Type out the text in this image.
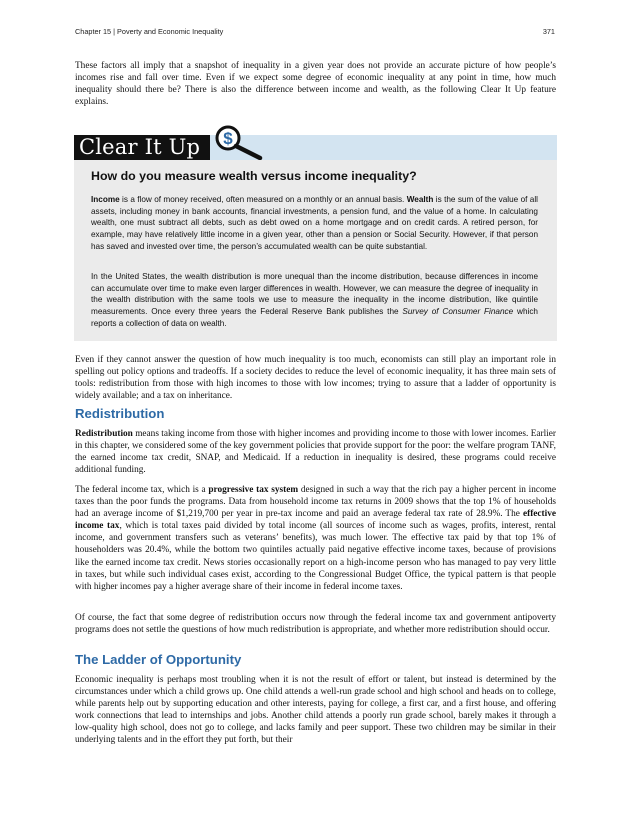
Chapter 15 | Poverty and Economic Inequality	371

These factors all imply that a snapshot of inequality in a given year does not provide an accurate picture of how people’s incomes rise and fall over time. Even if we expect some degree of economic inequality at any point in time, how much inequality should there be? There is also the difference between income and wealth, as the following Clear It Up feature explains.

Clear It Up	$

How do you measure wealth versus income inequality?

Income is a flow of money received, often measured on a monthly or an annual basis. Wealth is the sum of the value of all assets, including money in bank accounts, financial investments, a pension fund, and the value of a home. In calculating wealth, one must subtract all debts, such as debt owed on a home mortgage and on credit cards. A retired person, for example, may have relatively little income in a given year, other than a pension or Social Security. However, if that person has saved and invested over time, the person’s accumulated wealth can be quite substantial.

In the United States, the wealth distribution is more unequal than the income distribution, because differences in income can accumulate over time to make even larger differences in wealth. However, we can measure the degree of inequality in the wealth distribution with the same tools we use to measure the inequality in the income distribution, like quintile measurements. Once every three years the Federal Reserve Bank publishes the Survey of Consumer Finance which reports a collection of data on wealth.

Even if they cannot answer the question of how much inequality is too much, economists can still play an important role in spelling out policy options and tradeoffs. If a society decides to reduce the level of economic inequality, it has three main sets of tools: redistribution from those with high incomes to those with low incomes; trying to assure that a ladder of opportunity is widely available; and a tax on inheritance.

Redistribution

Redistribution means taking income from those with higher incomes and providing income to those with lower incomes. Earlier in this chapter, we considered some of the key government policies that provide support for the poor: the welfare program TANF, the earned income tax credit, SNAP, and Medicaid. If a reduction in inequality is desired, these programs could receive additional funding.

The federal income tax, which is a progressive tax system designed in such a way that the rich pay a higher percent in income taxes than the poor funds the programs. Data from household income tax returns in 2009 shows that the top 1% of households had an average income of $1,219,700 per year in pre-tax income and paid an average federal tax rate of 28.9%. The effective income tax, which is total taxes paid divided by total income (all sources of income such as wages, profits, interest, rental income, and government transfers such as veterans’ benefits), was much lower. The effective tax paid by that top 1% of householders was 20.4%, while the bottom two quintiles actually paid negative effective income taxes, because of provisions like the earned income tax credit. News stories occasionally report on a high-income person who has managed to pay very little in taxes, but while such individual cases exist, according to the Congressional Budget Office, the typical pattern is that people with higher incomes pay a higher average share of their income in federal income taxes.

Of course, the fact that some degree of redistribution occurs now through the federal income tax and government antipoverty programs does not settle the questions of how much redistribution is appropriate, and whether more redistribution should occur.

The Ladder of Opportunity

Economic inequality is perhaps most troubling when it is not the result of effort or talent, but instead is determined by the circumstances under which a child grows up. One child attends a well-run grade school and high school and heads on to college, while parents help out by supporting education and other interests, paying for college, a first car, and a first house, and offering work connections that lead to internships and jobs. Another child attends a poorly run grade school, barely makes it through a low-quality high school, does not go to college, and lacks family and peer support. These two children may be similar in their underlying talents and in the effort they put forth, but their
